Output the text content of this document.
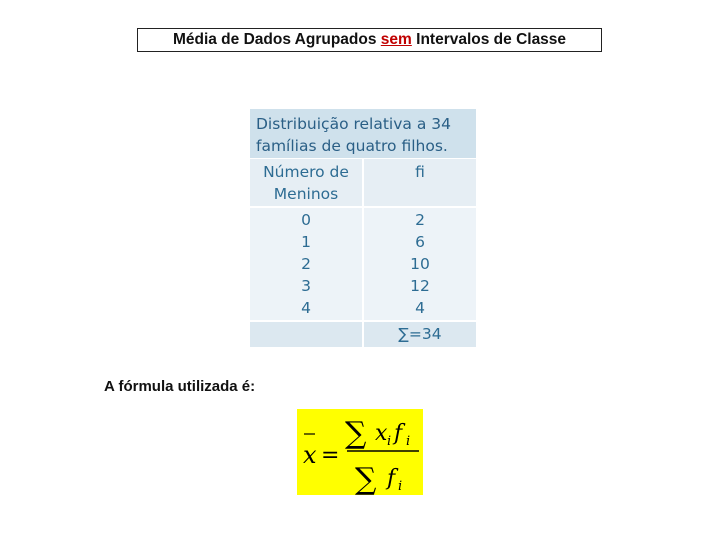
Média de Dados Agrupados
sem
Intervalos de Classe
Distribuição relativa a 34
famílias de quatro filhos.
Número de
Meninos
fi
0
1
2
3
4
2
6
10
12
4
∑=34
A fórmula utilizada é:
x =
∑ x i f i
∑ f i
